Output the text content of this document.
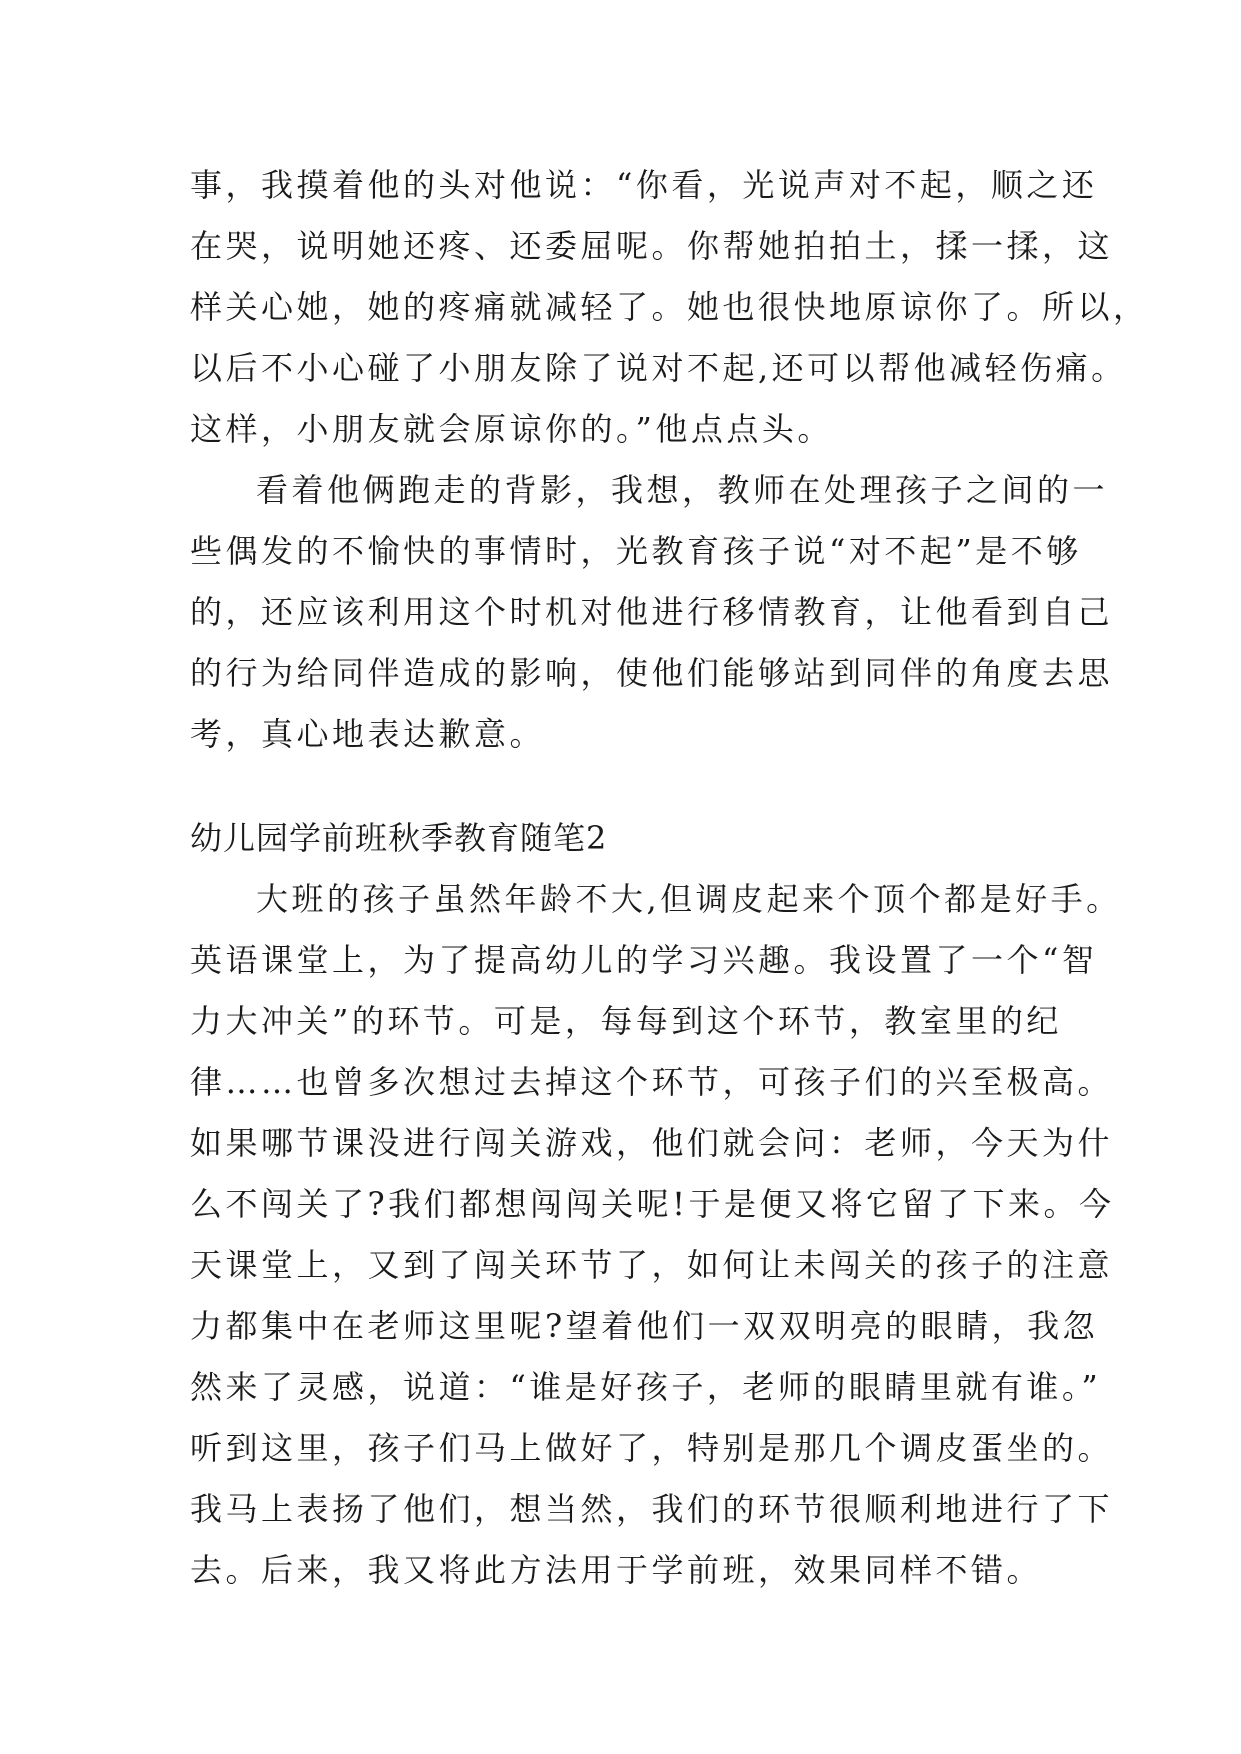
事，我摸着他的头对他说：“你看，光说声对不起，顺之还
在哭，说明她还疼、还委屈呢。你帮她拍拍土，揉一揉，这
样关心她，她的疼痛就减轻了。她也很快地原谅你了。所以，
以后不小心碰了小朋友除了说对不起,还可以帮他减轻伤痛。
这样，小朋友就会原谅你的。”他点点头。
看着他俩跑走的背影，我想，教师在处理孩子之间的一
些偶发的不愉快的事情时，光教育孩子说“对不起”是不够
的，还应该利用这个时机对他进行移情教育，让他看到自己
的行为给同伴造成的影响，使他们能够站到同伴的角度去思
考，真心地表达歉意。
幼儿园学前班秋季教育随笔2
大班的孩子虽然年龄不大,但调皮起来个顶个都是好手。
英语课堂上，为了提高幼儿的学习兴趣。我设置了一个“智
力大冲关”的环节。可是，每每到这个环节，教室里的纪
律……也曾多次想过去掉这个环节，可孩子们的兴至极高。
如果哪节课没进行闯关游戏，他们就会问：老师，今天为什
么不闯关了?我们都想闯闯关呢!于是便又将它留了下来。今
天课堂上，又到了闯关环节了，如何让未闯关的孩子的注意
力都集中在老师这里呢?望着他们一双双明亮的眼睛，我忽
然来了灵感，说道：“谁是好孩子，老师的眼睛里就有谁。”
听到这里，孩子们马上做好了，特别是那几个调皮蛋坐的。
我马上表扬了他们，想当然，我们的环节很顺利地进行了下
去。后来，我又将此方法用于学前班，效果同样不错。
